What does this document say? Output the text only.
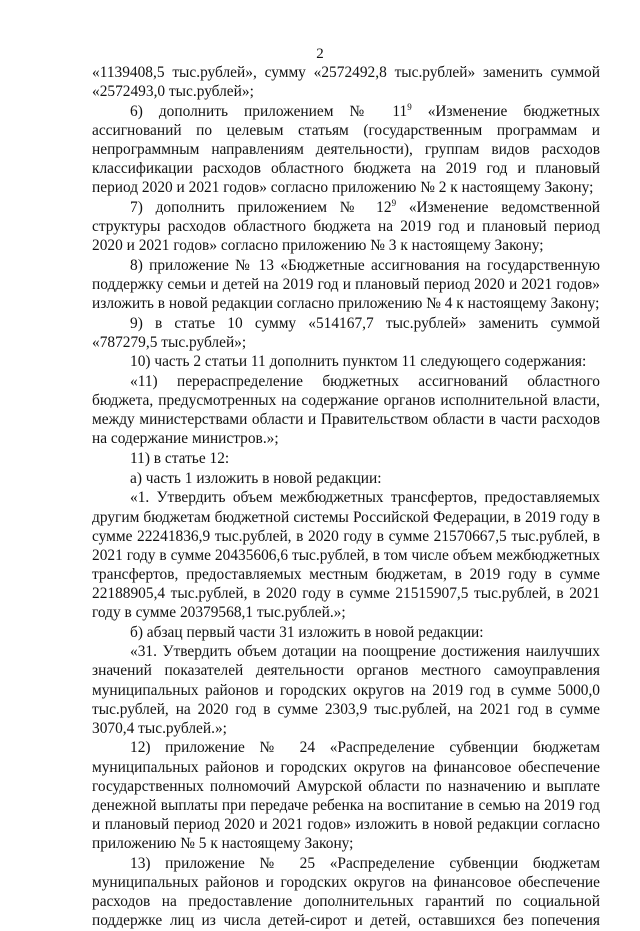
2

«1139408,5 тыс.рублей», сумму «2572492,8 тыс.рублей» заменить суммой «2572493,0 тыс.рублей»;

6) дополнить приложением № $11^9$ «Изменение бюджетных ассигнований по целевым статьям (государственным программам и непрограммным направлениям деятельности), группам видов расходов классификации расходов областного бюджета на 2019 год и плановый период 2020 и 2021 годов» согласно приложению № 2 к настоящему Закону;

7) дополнить приложением № $12^9$ «Изменение ведомственной структуры расходов областного бюджета на 2019 год и плановый период 2020 и 2021 годов» согласно приложению № 3 к настоящему Закону;

8) приложение № 13 «Бюджетные ассигнования на государственную поддержку семьи и детей на 2019 год и плановый период 2020 и 2021 годов» изложить в новой редакции согласно приложению № 4 к настоящему Закону;

9) в статье 10 сумму «514167,7 тыс.рублей» заменить суммой «787279,5 тыс.рублей»;

10) часть 2 статьи 11 дополнить пунктом 11 следующего содержания:

«11) перераспределение бюджетных ассигнований областного бюджета, предусмотренных на содержание органов исполнительной власти, между министерствами области и Правительством области в части расходов на содержание министров.»;

11) в статье 12:

а) часть 1 изложить в новой редакции:

«1. Утвердить объем межбюджетных трансфертов, предоставляемых другим бюджетам бюджетной системы Российской Федерации, в 2019 году в сумме 22241836,9 тыс.рублей, в 2020 году в сумме 21570667,5 тыс.рублей, в 2021 году в сумме 20435606,6 тыс.рублей, в том числе объем межбюджетных трансфертов, предоставляемых местным бюджетам, в 2019 году в сумме 22188905,4 тыс.рублей, в 2020 году в сумме 21515907,5 тыс.рублей, в 2021 году в сумме 20379568,1 тыс.рублей.»;

б) абзац первый части 31 изложить в новой редакции:

«31. Утвердить объем дотации на поощрение достижения наилучших значений показателей деятельности органов местного самоуправления муниципальных районов и городских округов на 2019 год в сумме 5000,0 тыс.рублей, на 2020 год в сумме 2303,9 тыс.рублей, на 2021 год в сумме 3070,4 тыс.рублей.»;

12) приложение № 24 «Распределение субвенции бюджетам муниципальных районов и городских округов на финансовое обеспечение государственных полномочий Амурской области по назначению и выплате денежной выплаты при передаче ребенка на воспитание в семью на 2019 год и плановый период 2020 и 2021 годов» изложить в новой редакции согласно приложению № 5 к настоящему Закону;

13) приложение № 25 «Распределение субвенции бюджетам муниципальных районов и городских округов на финансовое обеспечение расходов на предоставление дополнительных гарантий по социальной поддержке лиц из числа детей-сирот и детей, оставшихся без попечения
